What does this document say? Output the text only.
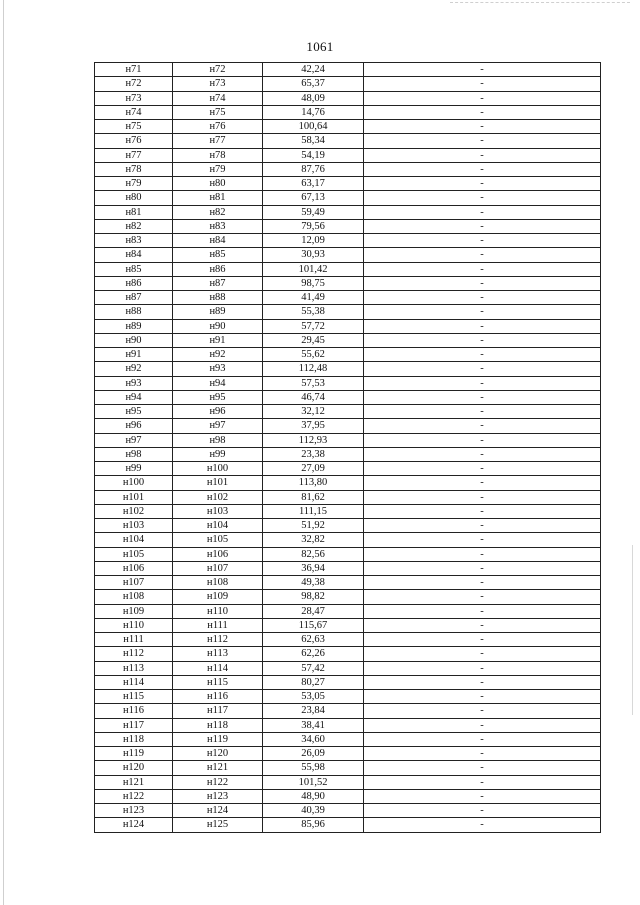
1061
н71	н72	42,24	-
н72	н73	65,37	-
н73	н74	48,09	-
н74	н75	14,76	-
н75	н76	100,64	-
н76	н77	58,34	-
н77	н78	54,19	-
н78	н79	87,76	-
н79	н80	63,17	-
н80	н81	67,13	-
н81	н82	59,49	-
н82	н83	79,56	-
н83	н84	12,09	-
н84	н85	30,93	-
н85	н86	101,42	-
н86	н87	98,75	-
н87	н88	41,49	-
н88	н89	55,38	-
н89	н90	57,72	-
н90	н91	29,45	-
н91	н92	55,62	-
н92	н93	112,48	-
н93	н94	57,53	-
н94	н95	46,74	-
н95	н96	32,12	-
н96	н97	37,95	-
н97	н98	112,93	-
н98	н99	23,38	-
н99	н100	27,09	-
н100	н101	113,80	-
н101	н102	81,62	-
н102	н103	111,15	-
н103	н104	51,92	-
н104	н105	32,82	-
н105	н106	82,56	-
н106	н107	36,94	-
н107	н108	49,38	-
н108	н109	98,82	-
н109	н110	28,47	-
н110	н111	115,67	-
н111	н112	62,63	-
н112	н113	62,26	-
н113	н114	57,42	-
н114	н115	80,27	-
н115	н116	53,05	-
н116	н117	23,84	-
н117	н118	38,41	-
н118	н119	34,60	-
н119	н120	26,09	-
н120	н121	55,98	-
н121	н122	101,52	-
н122	н123	48,90	-
н123	н124	40,39	-
н124	н125	85,96	-
